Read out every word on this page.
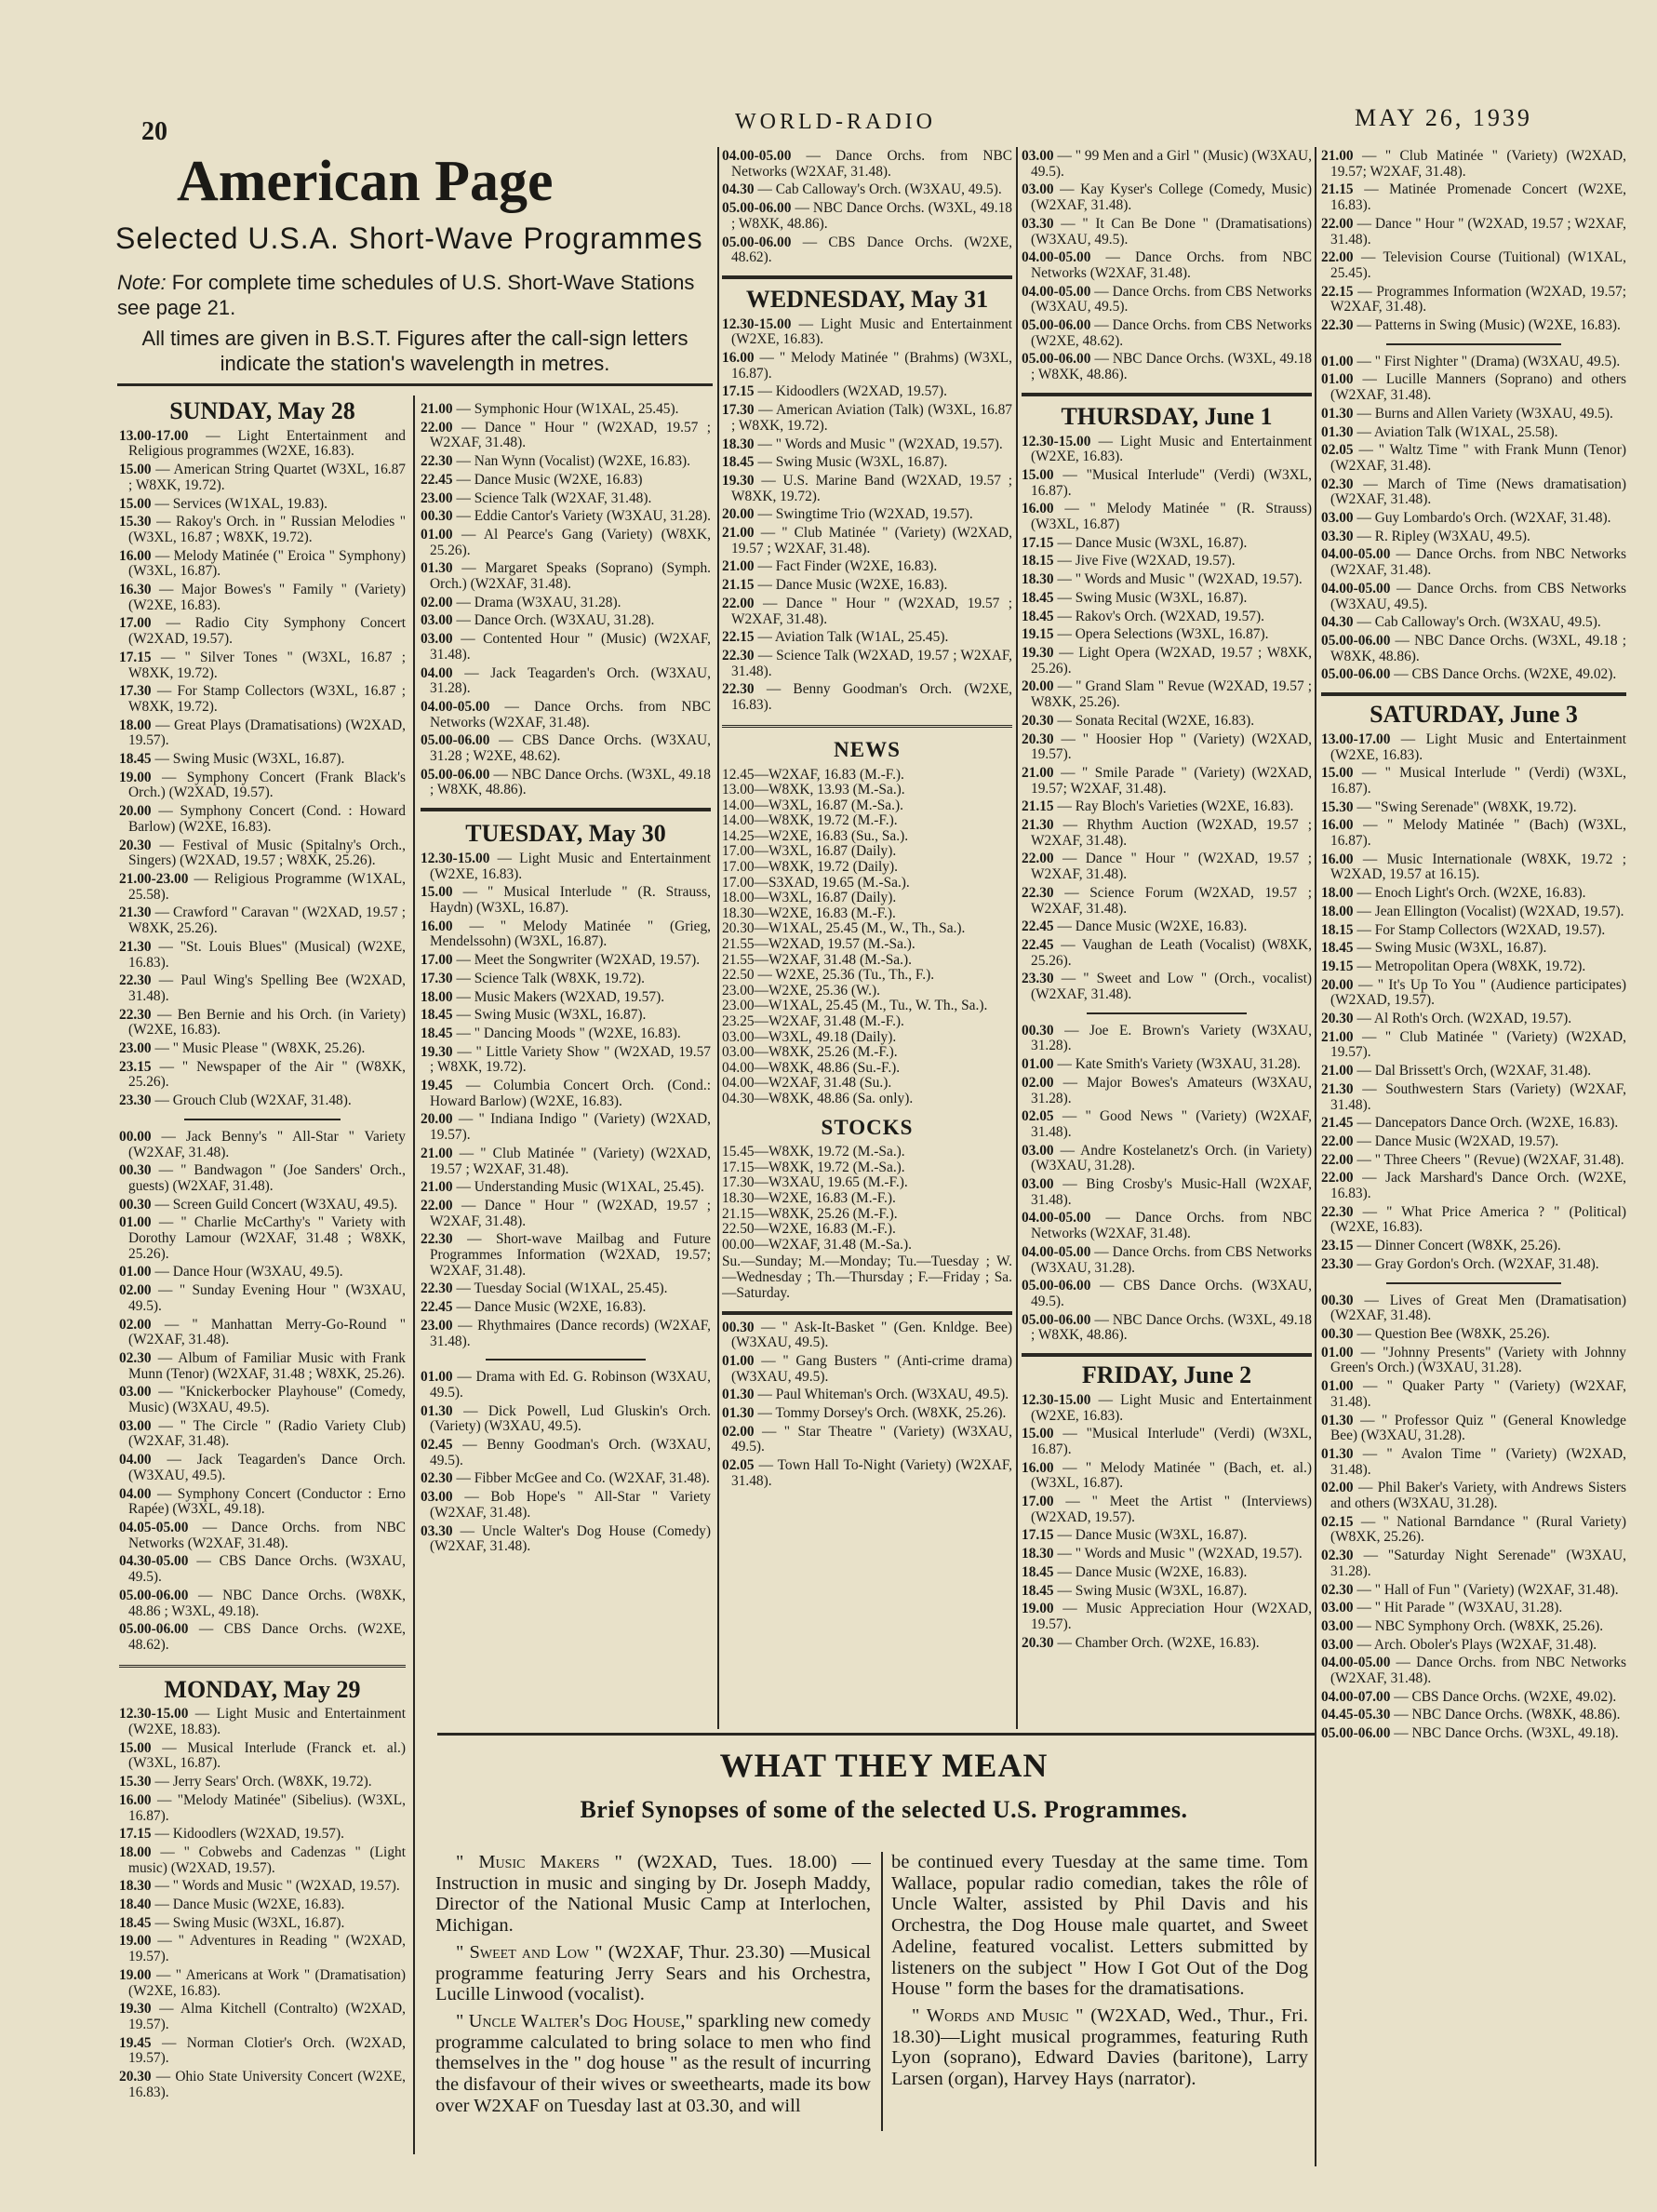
20	WORLD-RADIO	MAY 26, 1939
American Page
Selected U.S.A. Short-Wave Programmes
Note: For complete time schedules of U.S. Short-Wave Stations see page 21.
All times are given in B.S.T. Figures after the call-sign letters indicate the station's wavelength in metres.
SUNDAY, May 28
13.00-17.00 — Light Entertainment and Religious programmes (W2XE, 16.83).
15.00 — American String Quartet (W3XL, 16.87 ; W8XK, 19.72).
15.00 — Services (W1XAL, 19.83).
15.30 — Rakoy's Orch. in " Russian Melodies " (W3XL, 16.87 ; W8XK, 19.72).
16.00 — Melody Matinée (" Eroica " Symphony) (W3XL, 16.87).
16.30 — Major Bowes's " Family " (Variety) (W2XE, 16.83).
17.00 — Radio City Symphony Concert (W2XAD, 19.57).
17.15 — " Silver Tones " (W3XL, 16.87 ; W8XK, 19.72).
17.30 — For Stamp Collectors (W3XL, 16.87 ; W8XK, 19.72).
18.00 — Great Plays (Dramatisations) (W2XAD, 19.57).
18.45 — Swing Music (W3XL, 16.87).
19.00 — Symphony Concert (Frank Black's Orch.) (W2XAD, 19.57).
20.00 — Symphony Concert (Cond. : Howard Barlow) (W2XE, 16.83).
20.30 — Festival of Music (Spitalny's Orch., Singers) (W2XAD, 19.57 ; W8XK, 25.26).
21.00-23.00 — Religious Programme (W1XAL, 25.58).
21.30 — Crawford " Caravan " (W2XAD, 19.57 ; W8XK, 25.26).
21.30 — "St. Louis Blues" (Musical) (W2XE, 16.83).
22.30 — Paul Wing's Spelling Bee (W2XAD, 31.48).
22.30 — Ben Bernie and his Orch. (in Variety) (W2XE, 16.83).
23.00 — " Music Please " (W8XK, 25.26).
23.15 — " Newspaper of the Air " (W8XK, 25.26).
23.30 — Grouch Club (W2XAF, 31.48).
00.00 — Jack Benny's " All-Star " Variety (W2XAF, 31.48).
00.30 — " Bandwagon " (Joe Sanders' Orch., guests) (W2XAF, 31.48).
00.30 — Screen Guild Concert (W3XAU, 49.5).
01.00 — " Charlie McCarthy's " Variety with Dorothy Lamour (W2XAF, 31.48 ; W8XK, 25.26).
01.00 — Dance Hour (W3XAU, 49.5).
02.00 — " Sunday Evening Hour " (W3XAU, 49.5).
02.00 — " Manhattan Merry-Go-Round " (W2XAF, 31.48).
02.30 — Album of Familiar Music with Frank Munn (Tenor) (W2XAF, 31.48 ; W8XK, 25.26).
03.00 — "Knickerbocker Playhouse" (Comedy, Music) (W3XAU, 49.5).
03.00 — " The Circle " (Radio Variety Club) (W2XAF, 31.48).
04.00 — Jack Teagarden's Dance Orch. (W3XAU, 49.5).
04.00 — Symphony Concert (Conductor : Erno Rapée) (W3XL, 49.18).
04.05-05.00 — Dance Orchs. from NBC Networks (W2XAF, 31.48).
04.30-05.00 — CBS Dance Orchs. (W3XAU, 49.5).
05.00-06.00 — NBC Dance Orchs. (W8XK, 48.86 ; W3XL, 49.18).
05.00-06.00 — CBS Dance Orchs. (W2XE, 48.62).
MONDAY, May 29
12.30-15.00 — Light Music and Entertainment (W2XE, 18.83).
15.00 — Musical Interlude (Franck et. al.) (W3XL, 16.87).
15.30 — Jerry Sears' Orch. (W8XK, 19.72).
16.00 — "Melody Matinée" (Sibelius). (W3XL, 16.87).
17.15 — Kidoodlers (W2XAD, 19.57).
18.00 — " Cobwebs and Cadenzas " (Light music) (W2XAD, 19.57).
18.30 — " Words and Music " (W2XAD, 19.57).
18.40 — Dance Music (W2XE, 16.83).
18.45 — Swing Music (W3XL, 16.87).
19.00 — " Adventures in Reading " (W2XAD, 19.57).
19.00 — " Americans at Work " (Dramatisation) (W2XE, 16.83).
19.30 — Alma Kitchell (Contralto) (W2XAD, 19.57).
19.45 — Norman Clotier's Orch. (W2XAD, 19.57).
20.30 — Ohio State University Concert (W2XE, 16.83).
21.00 — Symphonic Hour (W1XAL, 25.45).
22.00 — Dance " Hour " (W2XAD, 19.57 ; W2XAF, 31.48).
22.30 — Nan Wynn (Vocalist) (W2XE, 16.83).
22.45 — Dance Music (W2XE, 16.83)
23.00 — Science Talk (W2XAF, 31.48).
00.30 — Eddie Cantor's Variety (W3XAU, 31.28).
01.00 — Al Pearce's Gang (Variety) (W8XK, 25.26).
01.30 — Margaret Speaks (Soprano) (Symph. Orch.) (W2XAF, 31.48).
02.00 — Drama (W3XAU, 31.28).
03.00 — Dance Orch. (W3XAU, 31.28).
03.00 — Contented Hour " (Music) (W2XAF, 31.48).
04.00 — Jack Teagarden's Orch. (W3XAU, 31.28).
04.00-05.00 — Dance Orchs. from NBC Networks (W2XAF, 31.48).
05.00-06.00 — CBS Dance Orchs. (W3XAU, 31.28 ; W2XE, 48.62).
05.00-06.00 — NBC Dance Orchs. (W3XL, 49.18 ; W8XK, 48.86).
TUESDAY, May 30
12.30-15.00 — Light Music and Entertainment (W2XE, 16.83).
15.00 — " Musical Interlude " (R. Strauss, Haydn) (W3XL, 16.87).
16.00 — " Melody Matinée " (Grieg, Mendelssohn) (W3XL, 16.87).
17.00 — Meet the Songwriter (W2XAD, 19.57).
17.30 — Science Talk (W8XK, 19.72).
18.00 — Music Makers (W2XAD, 19.57).
18.45 — Swing Music (W3XL, 16.87).
18.45 — " Dancing Moods " (W2XE, 16.83).
19.30 — " Little Variety Show " (W2XAD, 19.57 ; W8XK, 19.72).
19.45 — Columbia Concert Orch. (Cond.: Howard Barlow) (W2XE, 16.83).
20.00 — " Indiana Indigo " (Variety) (W2XAD, 19.57).
21.00 — " Club Matinée " (Variety) (W2XAD, 19.57 ; W2XAF, 31.48).
21.00 — Understanding Music (W1XAL, 25.45).
22.00 — Dance " Hour " (W2XAD, 19.57 ; W2XAF, 31.48).
22.30 — Short-wave Mailbag and Future Programmes Information (W2XAD, 19.57; W2XAF, 31.48).
22.30 — Tuesday Social (W1XAL, 25.45).
22.45 — Dance Music (W2XE, 16.83).
23.00 — Rhythmaires (Dance records) (W2XAF, 31.48).
01.00 — Drama with Ed. G. Robinson (W3XAU, 49.5).
01.30 — Dick Powell, Lud Gluskin's Orch. (Variety) (W3XAU, 49.5).
02.45 — Benny Goodman's Orch. (W3XAU, 49.5).
02.30 — Fibber McGee and Co. (W2XAF, 31.48).
03.00 — Bob Hope's " All-Star " Variety (W2XAF, 31.48).
03.30 — Uncle Walter's Dog House (Comedy) (W2XAF, 31.48).
04.00-05.00 — Dance Orchs. from NBC Networks (W2XAF, 31.48).
04.30 — Cab Calloway's Orch. (W3XAU, 49.5).
05.00-06.00 — NBC Dance Orchs. (W3XL, 49.18 ; W8XK, 48.86).
05.00-06.00 — CBS Dance Orchs. (W2XE, 48.62).
WEDNESDAY, May 31
12.30-15.00 — Light Music and Entertainment (W2XE, 16.83).
16.00 — " Melody Matinée " (Brahms) (W3XL, 16.87).
17.15 — Kidoodlers (W2XAD, 19.57).
17.30 — American Aviation (Talk) (W3XL, 16.87 ; W8XK, 19.72).
18.30 — " Words and Music " (W2XAD, 19.57).
18.45 — Swing Music (W3XL, 16.87).
19.30 — U.S. Marine Band (W2XAD, 19.57 ; W8XK, 19.72).
20.00 — Swingtime Trio (W2XAD, 19.57).
21.00 — " Club Matinée " (Variety) (W2XAD, 19.57 ; W2XAF, 31.48).
21.00 — Fact Finder (W2XE, 16.83).
21.15 — Dance Music (W2XE, 16.83).
22.00 — Dance " Hour " (W2XAD, 19.57 ; W2XAF, 31.48).
22.15 — Aviation Talk (W1AL, 25.45).
22.30 — Science Talk (W2XAD, 19.57 ; W2XAF, 31.48).
22.30 — Benny Goodman's Orch. (W2XE, 16.83).
NEWS
12.45—W2XAF, 16.83 (M.-F.).
13.00—W8XK, 13.93 (M.-Sa.).
14.00—W3XL, 16.87 (M.-Sa.).
14.00—W8XK, 19.72 (M.-F.).
14.25—W2XE, 16.83 (Su., Sa.).
17.00—W3XL, 16.87 (Daily).
17.00—W8XK, 19.72 (Daily).
17.00—S3XAD, 19.65 (M.-Sa.).
18.00—W3XL, 16.87 (Daily).
18.30—W2XE, 16.83 (M.-F.).
20.30—W1XAL, 25.45 (M., W., Th., Sa.).
21.55—W2XAD, 19.57 (M.-Sa.).
21.55—W2XAF, 31.48 (M.-Sa.).
22.50 — W2XE, 25.36 (Tu., Th., F.).
23.00—W2XE, 25.36 (W.).
23.00—W1XAL, 25.45 (M., Tu., W. Th., Sa.).
23.25—W2XAF, 31.48 (M.-F.).
03.00—W3XL, 49.18 (Daily).
03.00—W8XK, 25.26 (M.-F.).
04.00—W8XK, 48.86 (Su.-F.).
04.00—W2XAF, 31.48 (Su.).
04.30—W8XK, 48.86 (Sa. only).
STOCKS
15.45—W8XK, 19.72 (M.-Sa.).
17.15—W8XK, 19.72 (M.-Sa.).
17.30—W3XAU, 19.65 (M.-F.).
18.30—W2XE, 16.83 (M.-F.).
21.15—W8XK, 25.26 (M.-F.).
22.50—W2XE, 16.83 (M.-F.).
00.00—W2XAF, 31.48 (M.-Sa.).
Su.—Sunday; M.—Monday; Tu.—Tuesday ; W.—Wednesday ; Th.—Thursday ; F.—Friday ; Sa.—Saturday.
00.30 — " Ask-It-Basket " (Gen. Knldge. Bee) (W3XAU, 49.5).
01.00 — " Gang Busters " (Anti-crime drama) (W3XAU, 49.5).
01.30 — Paul Whiteman's Orch. (W3XAU, 49.5).
01.30 — Tommy Dorsey's Orch. (W8XK, 25.26).
02.00 — " Star Theatre " (Variety) (W3XAU, 49.5).
02.05 — Town Hall To-Night (Variety) (W2XAF, 31.48).
03.00 — " 99 Men and a Girl " (Music) (W3XAU, 49.5).
03.00 — Kay Kyser's College (Comedy, Music) (W2XAF, 31.48).
03.30 — " It Can Be Done " (Dramatisations) (W3XAU, 49.5).
04.00-05.00 — Dance Orchs. from NBC Networks (W2XAF, 31.48).
04.00-05.00 — Dance Orchs. from CBS Networks (W3XAU, 49.5).
05.00-06.00 — Dance Orchs. from CBS Networks (W2XE, 48.62).
05.00-06.00 — NBC Dance Orchs. (W3XL, 49.18 ; W8XK, 48.86).
THURSDAY, June 1
12.30-15.00 — Light Music and Entertainment (W2XE, 16.83).
15.00 — "Musical Interlude" (Verdi) (W3XL, 16.87).
16.00 — " Melody Matinée " (R. Strauss) (W3XL, 16.87)
17.15 — Dance Music (W3XL, 16.87).
18.15 — Jive Five (W2XAD, 19.57).
18.30 — " Words and Music " (W2XAD, 19.57).
18.45 — Swing Music (W3XL, 16.87).
18.45 — Rakov's Orch. (W2XAD, 19.57).
19.15 — Opera Selections (W3XL, 16.87).
19.30 — Light Opera (W2XAD, 19.57 ; W8XK, 25.26).
20.00 — " Grand Slam " Revue (W2XAD, 19.57 ; W8XK, 25.26).
20.30 — Sonata Recital (W2XE, 16.83).
20.30 — " Hoosier Hop " (Variety) (W2XAD, 19.57).
21.00 — " Smile Parade " (Variety) (W2XAD, 19.57; W2XAF, 31.48).
21.15 — Ray Bloch's Varieties (W2XE, 16.83).
21.30 — Rhythm Auction (W2XAD, 19.57 ; W2XAF, 31.48).
22.00 — Dance " Hour " (W2XAD, 19.57 ; W2XAF, 31.48).
22.30 — Science Forum (W2XAD, 19.57 ; W2XAF, 31.48).
22.45 — Dance Music (W2XE, 16.83).
22.45 — Vaughan de Leath (Vocalist) (W8XK, 25.26).
23.30 — " Sweet and Low " (Orch., vocalist) (W2XAF, 31.48).
00.30 — Joe E. Brown's Variety (W3XAU, 31.28).
01.00 — Kate Smith's Variety (W3XAU, 31.28).
02.00 — Major Bowes's Amateurs (W3XAU, 31.28).
02.05 — " Good News " (Variety) (W2XAF, 31.48).
03.00 — Andre Kostelanetz's Orch. (in Variety) (W3XAU, 31.28).
03.00 — Bing Crosby's Music-Hall (W2XAF, 31.48).
04.00-05.00 — Dance Orchs. from NBC Networks (W2XAF, 31.48).
04.00-05.00 — Dance Orchs. from CBS Networks (W3XAU, 31.28).
05.00-06.00 — CBS Dance Orchs. (W3XAU, 49.5).
05.00-06.00 — NBC Dance Orchs. (W3XL, 49.18 ; W8XK, 48.86).
FRIDAY, June 2
12.30-15.00 — Light Music and Entertainment (W2XE, 16.83).
15.00 — "Musical Interlude" (Verdi) (W3XL, 16.87).
16.00 — " Melody Matinée " (Bach, et. al.) (W3XL, 16.87).
17.00 — " Meet the Artist " (Interviews) (W2XAD, 19.57).
17.15 — Dance Music (W3XL, 16.87).
18.30 — " Words and Music " (W2XAD, 19.57).
18.45 — Dance Music (W2XE, 16.83).
18.45 — Swing Music (W3XL, 16.87).
19.00 — Music Appreciation Hour (W2XAD, 19.57).
20.30 — Chamber Orch. (W2XE, 16.83).
21.00 — " Club Matinée " (Variety) (W2XAD, 19.57; W2XAF, 31.48).
21.15 — Matinée Promenade Concert (W2XE, 16.83).
22.00 — Dance " Hour " (W2XAD, 19.57 ; W2XAF, 31.48).
22.00 — Television Course (Tuitional) (W1XAL, 25.45).
22.15 — Programmes Information (W2XAD, 19.57; W2XAF, 31.48).
22.30 — Patterns in Swing (Music) (W2XE, 16.83).
01.00 — " First Nighter " (Drama) (W3XAU, 49.5).
01.00 — Lucille Manners (Soprano) and others (W2XAF, 31.48).
01.30 — Burns and Allen Variety (W3XAU, 49.5).
01.30 — Aviation Talk (W1XAL, 25.58).
02.05 — " Waltz Time " with Frank Munn (Tenor) (W2XAF, 31.48).
02.30 — March of Time (News dramatisation) (W2XAF, 31.48).
03.00 — Guy Lombardo's Orch. (W2XAF, 31.48).
03.30 — R. Ripley (W3XAU, 49.5).
04.00-05.00 — Dance Orchs. from NBC Networks (W2XAF, 31.48).
04.00-05.00 — Dance Orchs. from CBS Networks (W3XAU, 49.5).
04.30 — Cab Calloway's Orch. (W3XAU, 49.5).
05.00-06.00 — NBC Dance Orchs. (W3XL, 49.18 ; W8XK, 48.86).
05.00-06.00 — CBS Dance Orchs. (W2XE, 49.02).
SATURDAY, June 3
13.00-17.00 — Light Music and Entertainment (W2XE, 16.83).
15.00 — " Musical Interlude " (Verdi) (W3XL, 16.87).
15.30 — "Swing Serenade" (W8XK, 19.72).
16.00 — " Melody Matinée " (Bach) (W3XL, 16.87).
16.00 — Music Internationale (W8XK, 19.72 ; W2XAD, 19.57 at 16.15).
18.00 — Enoch Light's Orch. (W2XE, 16.83).
18.00 — Jean Ellington (Vocalist) (W2XAD, 19.57).
18.15 — For Stamp Collectors (W2XAD, 19.57).
18.45 — Swing Music (W3XL, 16.87).
19.15 — Metropolitan Opera (W8XK, 19.72).
20.00 — " It's Up To You " (Audience participates) (W2XAD, 19.57).
20.30 — Al Roth's Orch. (W2XAD, 19.57).
21.00 — " Club Matinée " (Variety) (W2XAD, 19.57).
21.00 — Dal Brissett's Orch, (W2XAF, 31.48).
21.30 — Southwestern Stars (Variety) (W2XAF, 31.48).
21.45 — Dancepators Dance Orch. (W2XE, 16.83).
22.00 — Dance Music (W2XAD, 19.57).
22.00 — " Three Cheers " (Revue) (W2XAF, 31.48).
22.00 — Jack Marshard's Dance Orch. (W2XE, 16.83).
22.30 — " What Price America ? " (Political) (W2XE, 16.83).
23.15 — Dinner Concert (W8XK, 25.26).
23.30 — Gray Gordon's Orch. (W2XAF, 31.48).
00.30 — Lives of Great Men (Dramatisation) (W2XAF, 31.48).
00.30 — Question Bee (W8XK, 25.26).
01.00 — "Johnny Presents" (Variety with Johnny Green's Orch.) (W3XAU, 31.28).
01.00 — " Quaker Party " (Variety) (W2XAF, 31.48).
01.30 — " Professor Quiz " (General Knowledge Bee) (W3XAU, 31.28).
01.30 — " Avalon Time " (Variety) (W2XAD, 31.48).
02.00 — Phil Baker's Variety, with Andrews Sisters and others (W3XAU, 31.28).
02.15 — " National Barndance " (Rural Variety) (W8XK, 25.26).
02.30 — "Saturday Night Serenade" (W3XAU, 31.28).
02.30 — " Hall of Fun " (Variety) (W2XAF, 31.48).
03.00 — " Hit Parade " (W3XAU, 31.28).
03.00 — NBC Symphony Orch. (W8XK, 25.26).
03.00 — Arch. Oboler's Plays (W2XAF, 31.48).
04.00-05.00 — Dance Orchs. from NBC Networks (W2XAF, 31.48).
04.00-07.00 — CBS Dance Orchs. (W2XE, 49.02).
04.45-05.30 — NBC Dance Orchs. (W8XK, 48.86).
05.00-06.00 — NBC Dance Orchs. (W3XL, 49.18).
WHAT THEY MEAN
Brief Synopses of some of the selected U.S. Programmes.

" Music Makers " (W2XAD, Tues. 18.00) —Instruction in music and singing by Dr. Joseph Maddy, Director of the National Music Camp at Interlochen, Michigan.

" Sweet and Low " (W2XAF, Thur. 23.30) —Musical programme featuring Jerry Sears and his Orchestra, Lucille Linwood (vocalist).

" Uncle Walter's Dog House," sparkling new comedy programme calculated to bring solace to men who find themselves in the " dog house " as the result of incurring the disfavour of their wives or sweethearts, made its bow over W2XAF on Tuesday last at 03.30, and will

be continued every Tuesday at the same time. Tom Wallace, popular radio comedian, takes the rôle of Uncle Walter, assisted by Phil Davis and his Orchestra, the Dog House male quartet, and Sweet Adeline, featured vocalist. Letters submitted by listeners on the subject " How I Got Out of the Dog House " form the bases for the dramatisations.

" Words and Music " (W2XAD, Wed., Thur., Fri. 18.30)—Light musical programmes, featuring Ruth Lyon (soprano), Edward Davies (baritone), Larry Larsen (organ), Harvey Hays (narrator).
